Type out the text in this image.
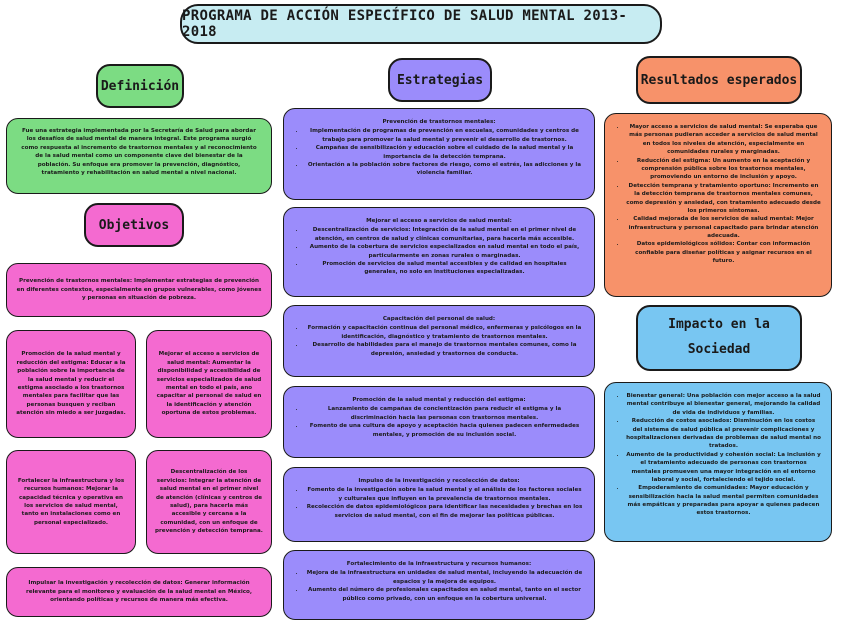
PROGRAMA DE ACCIÓN ESPECÍFICO DE SALUD MENTAL 2013-2018
Definición
Fue una estrategia implementada por la Secretaría de Salud para abordar los desafíos de salud mental de manera integral. Este programa surgió como respuesta al incremento de trastornos mentales y al reconocimiento de la salud mental como un componente clave del bienestar de la población. Su enfoque era promover la prevención, diagnóstico, tratamiento y rehabilitación en salud mental a nivel nacional.
Objetivos
Prevención de trastornos mentales: Implementar estrategias de prevención en diferentes contextos, especialmente en grupos vulnerables, como jóvenes y personas en situación de pobreza.
Promoción de la salud mental y reducción del estigma: Educar a la población sobre la importancia de la salud mental y reducir el estigma asociado a los trastornos mentales para facilitar que las personas busquen y reciban atención sin miedo a ser juzgadas.
Mejorar el acceso a servicios de salud mental: Aumentar la disponibilidad y accesibilidad de servicios especializados de salud mental en todo el país, ano capacitar al personal de salud en la identificación y atención oportuna de estos problemas.
Fortalecer la infraestructura y los recursos humanos: Mejorar la capacidad técnica y operativa en los servicios de salud mental, tanto en instalaciones como en personal especializado.
Descentralización de los servicios: Integrar la atención de salud mental en el primer nivel de atención (clínicas y centros de salud), para hacerla más accesible y cercana a la comunidad, con un enfoque de prevención y detección temprana.
Impulsar la investigación y recolección de datos: Generar información relevante para el monitoreo y evaluación de la salud mental en México, orientando políticas y recursos de manera más efectiva.
Estrategias
Prevención de trastornos mentales:
• Implementación de programas de prevención en escuelas, comunidades y centros de trabajo para promover la salud mental y prevenir el desarrollo de trastornos.
• Campañas de sensibilización y educación sobre el cuidado de la salud mental y la importancia de la detección temprana.
• Orientación a la población sobre factores de riesgo, como el estrés, las adicciones y la violencia familiar.
Mejorar el acceso a servicios de salud mental:
• Descentralización de servicios: Integración de la salud mental en el primer nivel de atención, en centros de salud y clínicas comunitarias, para hacerla más accesible.
• Aumento de la cobertura de servicios especializados en salud mental en todo el país, particularmente en zonas rurales o marginadas.
• Promoción de servicios de salud mental accesibles y de calidad en hospitales generales, no solo en instituciones especializadas.
Capacitación del personal de salud:
• Formación y capacitación continua del personal médico, enfermeras y psicólogos en la identificación, diagnóstico y tratamiento de trastornos mentales.
• Desarrollo de habilidades para el manejo de trastornos mentales comunes, como la depresión, ansiedad y trastornos de conducta.
Promoción de la salud mental y reducción del estigma:
• Lanzamiento de campañas de concientización para reducir el estigma y la discriminación hacia las personas con trastornos mentales.
• Fomento de una cultura de apoyo y aceptación hacia quienes padecen enfermedades mentales, y promoción de su inclusión social.
Impulso de la investigación y recolección de datos:
• Fomento de la investigación sobre la salud mental y el análisis de los factores sociales y culturales que influyen en la prevalencia de trastornos mentales.
• Recolección de datos epidemiológicos para identificar las necesidades y brechas en los servicios de salud mental, con el fin de mejorar las políticas públicas.
Fortalecimiento de la infraestructura y recursos humanos:
• Mejora de la infraestructura en unidades de salud mental, incluyendo la adecuación de espacios y la mejora de equipos.
• Aumento del número de profesionales capacitados en salud mental, tanto en el sector público como privado, con un enfoque en la cobertura universal.
Resultados esperados
• Mayor acceso a servicios de salud mental: Se esperaba que más personas pudieran acceder a servicios de salud mental en todos los niveles de atención, especialmente en comunidades rurales y marginadas.
• Reducción del estigma: Un aumento en la aceptación y comprensión pública sobre los trastornos mentales, promoviendo un entorno de inclusión y apoyo.
• Detección temprana y tratamiento oportuno: Incremento en la detección temprana de trastornos mentales comunes, como depresión y ansiedad, con tratamiento adecuado desde los primeros síntomas.
• Calidad mejorada de los servicios de salud mental: Mejor infraestructura y personal capacitado para brindar atención adecuada.
• Datos epidemiológicos sólidos: Contar con información confiable para diseñar políticas y asignar recursos en el futuro.
Impacto en la
Sociedad
• Bienestar general: Una población con mejor acceso a la salud mental contribuye al bienestar general, mejorando la calidad de vida de individuos y familias.
• Reducción de costos asociados: Disminución en los costos del sistema de salud pública al prevenir complicaciones y hospitalizaciones derivadas de problemas de salud mental no tratados.
• Aumento de la productividad y cohesión social: La inclusión y el tratamiento adecuado de personas con trastornos mentales promueven una mayor integración en el entorno laboral y social, fortaleciendo el tejido social.
• Empoderamiento de comunidades: Mayor educación y sensibilización hacia la salud mental permiten comunidades más empáticas y preparadas para apoyar a quienes padecen estos trastornos.
